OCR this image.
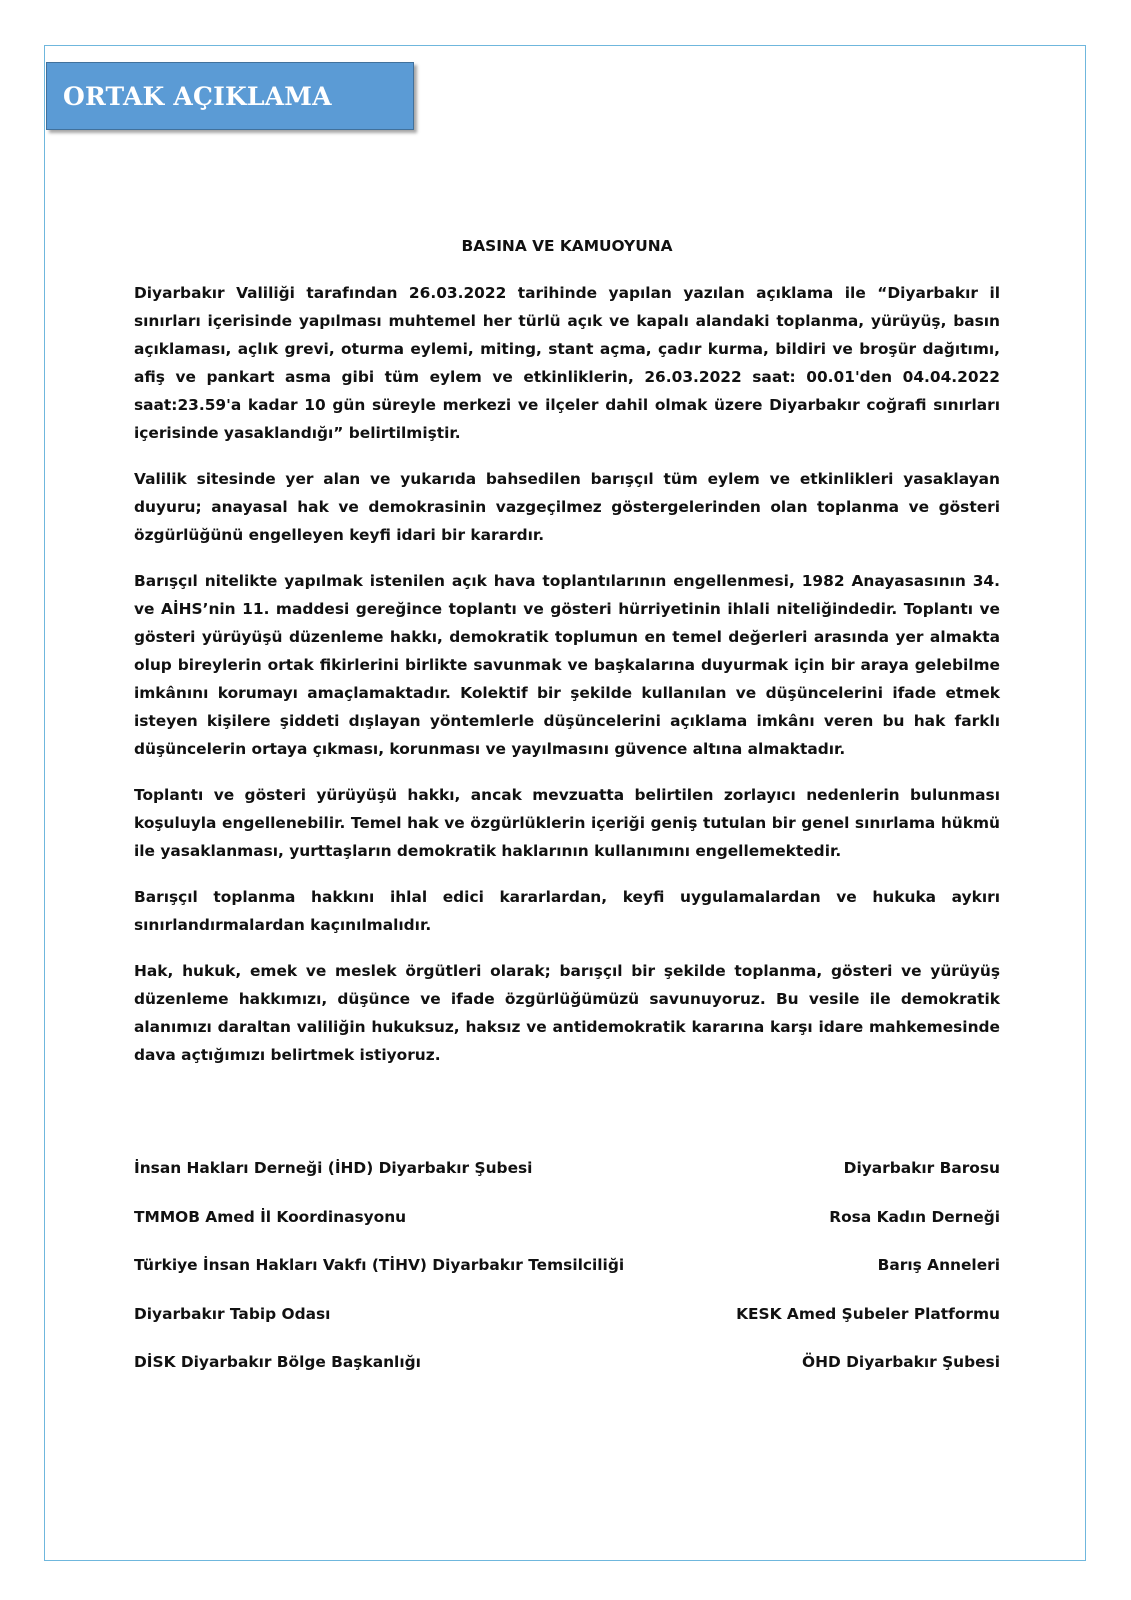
ORTAK AÇIKLAMA

BASINA VE KAMUOYUNA

Diyarbakır Valiliği tarafından 26.03.2022 tarihinde yapılan yazılan açıklama ile “Diyarbakır il sınırları içerisinde yapılması muhtemel her türlü açık ve kapalı alandaki toplanma, yürüyüş, basın açıklaması, açlık grevi, oturma eylemi, miting, stant açma, çadır kurma, bildiri ve broşür dağıtımı, afiş ve pankart asma gibi tüm eylem ve etkinliklerin, 26.03.2022 saat: 00.01'den 04.04.2022 saat:23.59'a kadar 10 gün süreyle merkezi ve ilçeler dahil olmak üzere Diyarbakır coğrafi sınırları içerisinde yasaklandığı” belirtilmiştir.

Valilik sitesinde yer alan ve yukarıda bahsedilen barışçıl tüm eylem ve etkinlikleri yasaklayan duyuru; anayasal hak ve demokrasinin vazgeçilmez göstergelerinden olan toplanma ve gösteri özgürlüğünü engelleyen keyfi idari bir karardır.

Barışçıl nitelikte yapılmak istenilen açık hava toplantılarının engellenmesi, 1982 Anayasasının 34. ve AİHS’nin 11. maddesi gereğince toplantı ve gösteri hürriyetinin ihlali niteliğindedir. Toplantı ve gösteri yürüyüşü düzenleme hakkı, demokratik toplumun en temel değerleri arasında yer almakta olup bireylerin ortak fikirlerini birlikte savunmak ve başkalarına duyurmak için bir araya gelebilme imkânını korumayı amaçlamaktadır. Kolektif bir şekilde kullanılan ve düşüncelerini ifade etmek isteyen kişilere şiddeti dışlayan yöntemlerle düşüncelerini açıklama imkânı veren bu hak farklı düşüncelerin ortaya çıkması, korunması ve yayılmasını güvence altına almaktadır.

Toplantı ve gösteri yürüyüşü hakkı, ancak mevzuatta belirtilen zorlayıcı nedenlerin bulunması koşuluyla engellenebilir. Temel hak ve özgürlüklerin içeriği geniş tutulan bir genel sınırlama hükmü ile yasaklanması, yurttaşların demokratik haklarının kullanımını engellemektedir.

Barışçıl toplanma hakkını ihlal edici kararlardan, keyfi uygulamalardan ve hukuka aykırı sınırlandırmalardan kaçınılmalıdır.

Hak, hukuk, emek ve meslek örgütleri olarak; barışçıl bir şekilde toplanma, gösteri ve yürüyüş düzenleme hakkımızı, düşünce ve ifade özgürlüğümüzü savunuyoruz. Bu vesile ile demokratik alanımızı daraltan valiliğin hukuksuz, haksız ve antidemokratik kararına karşı idare mahkemesinde dava açtığımızı belirtmek istiyoruz.

İnsan Hakları Derneği (İHD) Diyarbakır Şubesi	Diyarbakır Barosu
TMMOB Amed İl Koordinasyonu	Rosa Kadın Derneği
Türkiye İnsan Hakları Vakfı (TİHV) Diyarbakır Temsilciliği	Barış Anneleri
Diyarbakır Tabip Odası	KESK Amed Şubeler Platformu
DİSK Diyarbakır Bölge Başkanlığı	ÖHD Diyarbakır Şubesi
